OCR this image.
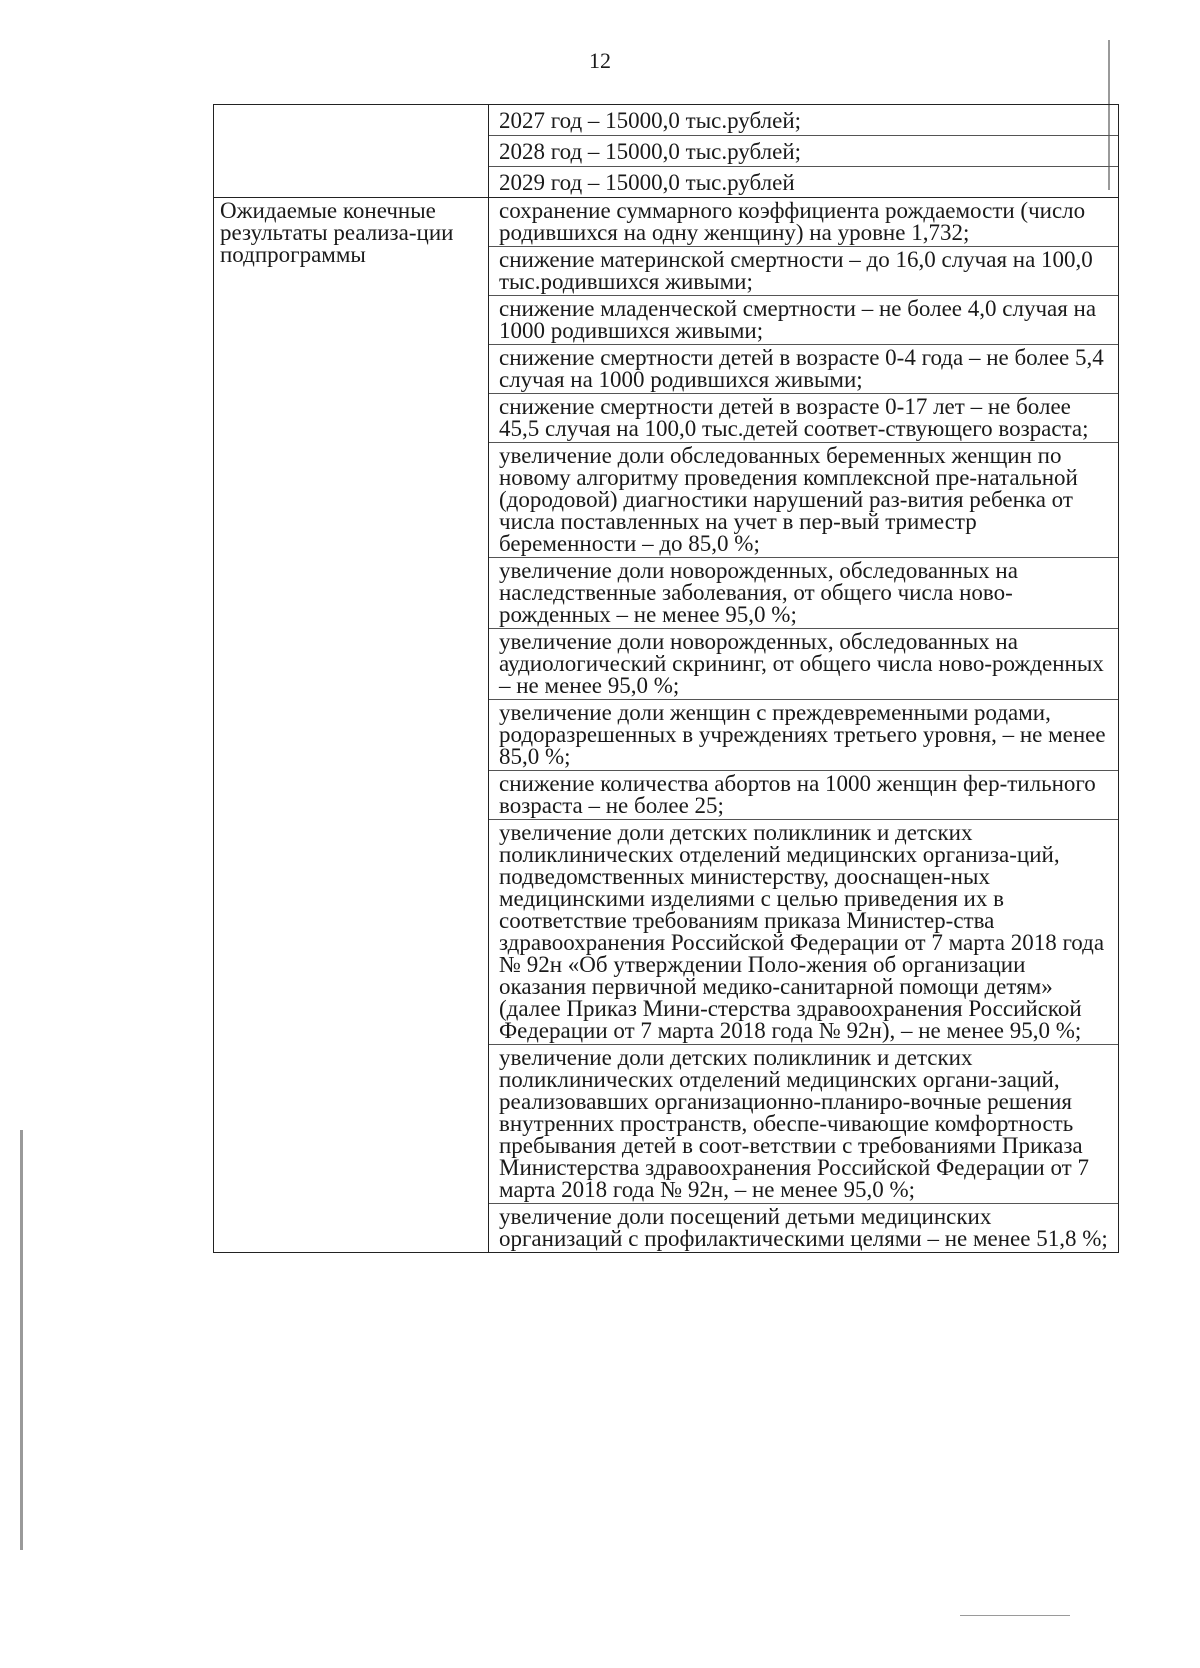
12
2027 год – 15000,0 тыс.рублей;
2028 год – 15000,0 тыс.рублей;
2029 год – 15000,0 тыс.рублей
Ожидаемые конечные результаты реализа-ции подпрограммы
сохранение суммарного коэффициента рождаемости (число родившихся на одну женщину) на уровне 1,732;
снижение материнской смертности – до 16,0 случая на 100,0 тыс.родившихся живыми;
снижение младенческой смертности – не более 4,0 случая на 1000 родившихся живыми;
снижение смертности детей в возрасте 0-4 года – не более 5,4 случая на 1000 родившихся живыми;
снижение смертности детей в возрасте 0-17 лет – не более 45,5 случая на 100,0 тыс.детей соответ-ствующего возраста;
увеличение доли обследованных беременных женщин по новому алгоритму проведения комплексной пре-натальной (дородовой) диагностики нарушений раз-вития ребенка от числа поставленных на учет в пер-вый триместр беременности – до 85,0 %;
увеличение доли новорожденных, обследованных на наследственные заболевания, от общего числа ново-рожденных – не менее 95,0 %;
увеличение доли новорожденных, обследованных на аудиологический скрининг, от общего числа ново-рожденных – не менее 95,0 %;
увеличение доли женщин с преждевременными родами, родоразрешенных в учреждениях третьего уровня, – не менее 85,0 %;
снижение количества абортов на 1000 женщин фер-тильного возраста – не более 25;
увеличение доли детских поликлиник и детских поликлинических отделений медицинских организа-ций, подведомственных министерству, дооснащен-ных медицинскими изделиями с целью приведения их в соответствие требованиям приказа Министер-ства здравоохранения Российской Федерации от 7 марта 2018 года № 92н «Об утверждении Поло-жения об организации оказания первичной медико-санитарной помощи детям» (далее Приказ Мини-стерства здравоохранения Российской Федерации от 7 марта 2018 года № 92н), – не менее 95,0 %;
увеличение доли детских поликлиник и детских поликлинических отделений медицинских органи-заций, реализовавших организационно-планиро-вочные решения внутренних пространств, обеспе-чивающие комфортность пребывания детей в соот-ветствии с требованиями Приказа Министерства здравоохранения Российской Федерации от 7 марта 2018 года № 92н, – не менее 95,0 %;
увеличение доли посещений детьми медицинских организаций с профилактическими целями – не менее 51,8 %;
